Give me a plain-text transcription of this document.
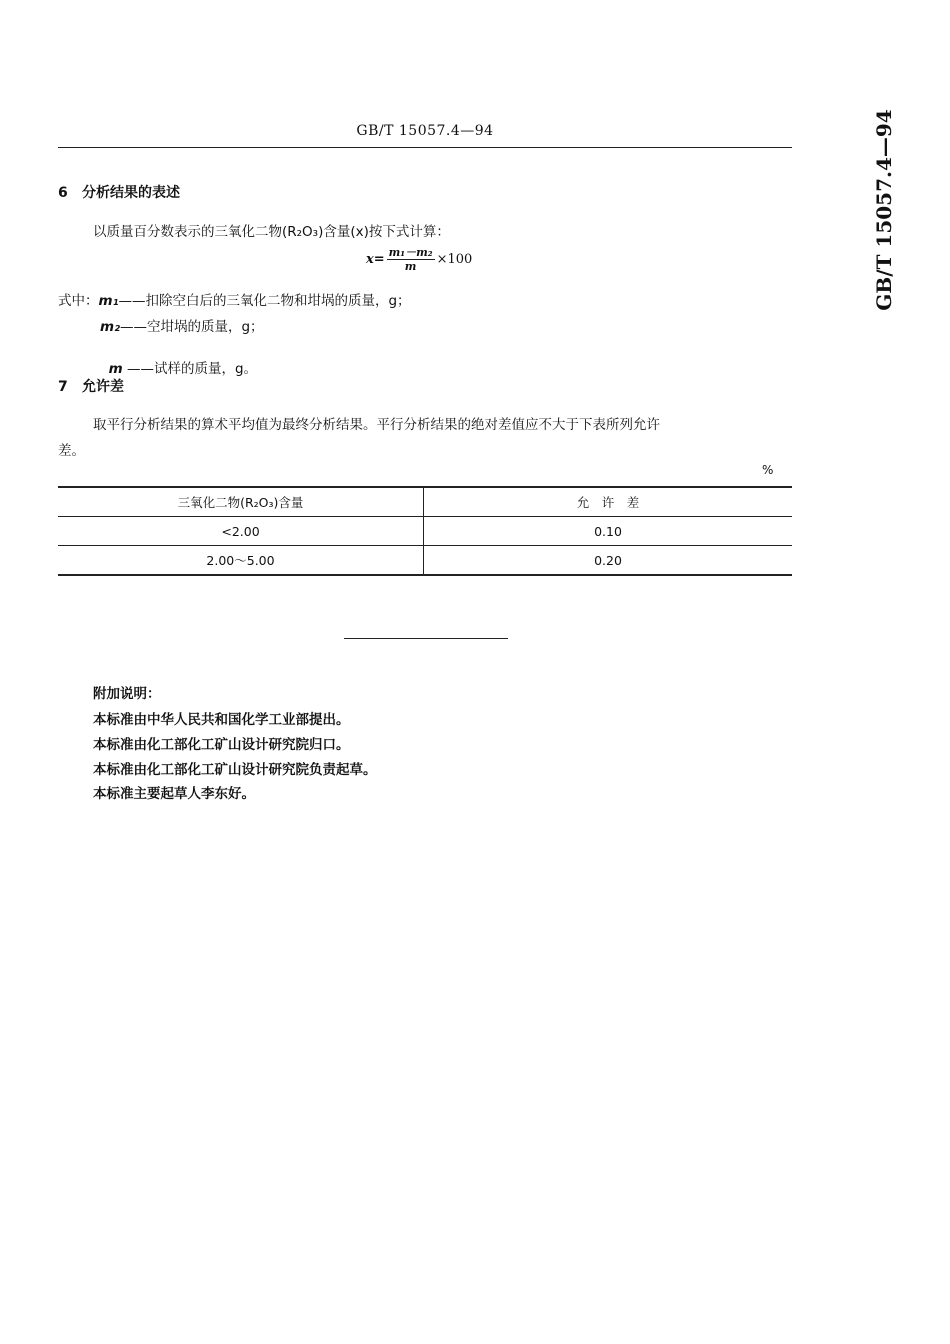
GB/T 15057.4—94	GB/T 15057.4—94
6 分析结果的表述
以质量百分数表示的三氧化二物(R₂O₃)含量(x)按下式计算：
$x= \frac{\text{m₁－m₂}}{m} \times 100$
式中：m₁——扣除空白后的三氧化二物和坩埚的质量，g；
m₂——空坩埚的质量，g；

m ——试样的质量，g。

7 允许差
取平行分析结果的算术平均值为最终分析结果。平行分析结果的绝对差值应不大于下表所列允许
差。
%
三氧化二物(R₂O₃)含量	允　许　差
<2.00	0.10
2.00～5.00	0.20
附加说明：
本标准由中华人民共和国化学工业部提出。
本标准由化工部化工矿山设计研究院归口。
本标准由化工部化工矿山设计研究院负责起草。
本标准主要起草人李东好。
